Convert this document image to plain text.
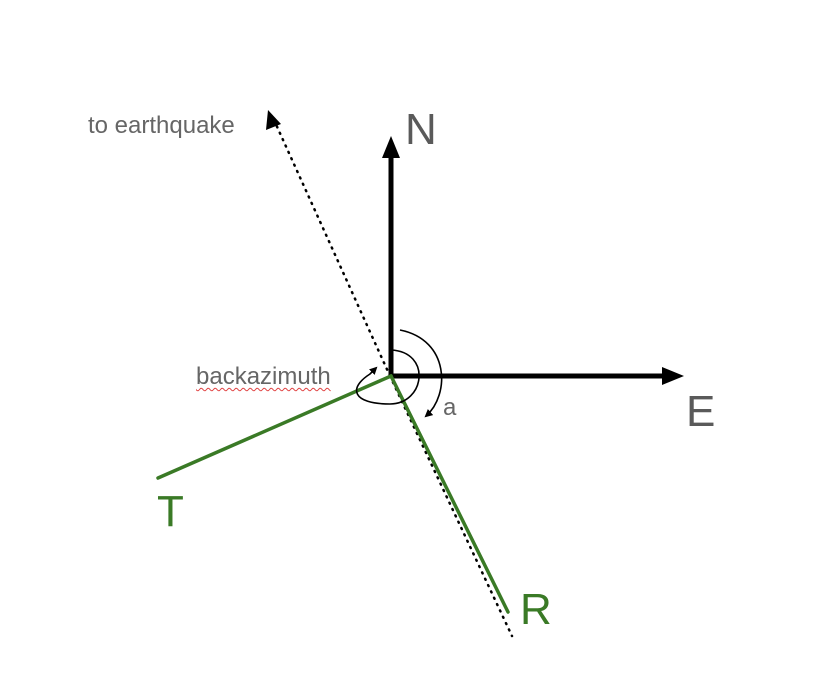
N
E
T
R
to earthquake
backazimuth
a
